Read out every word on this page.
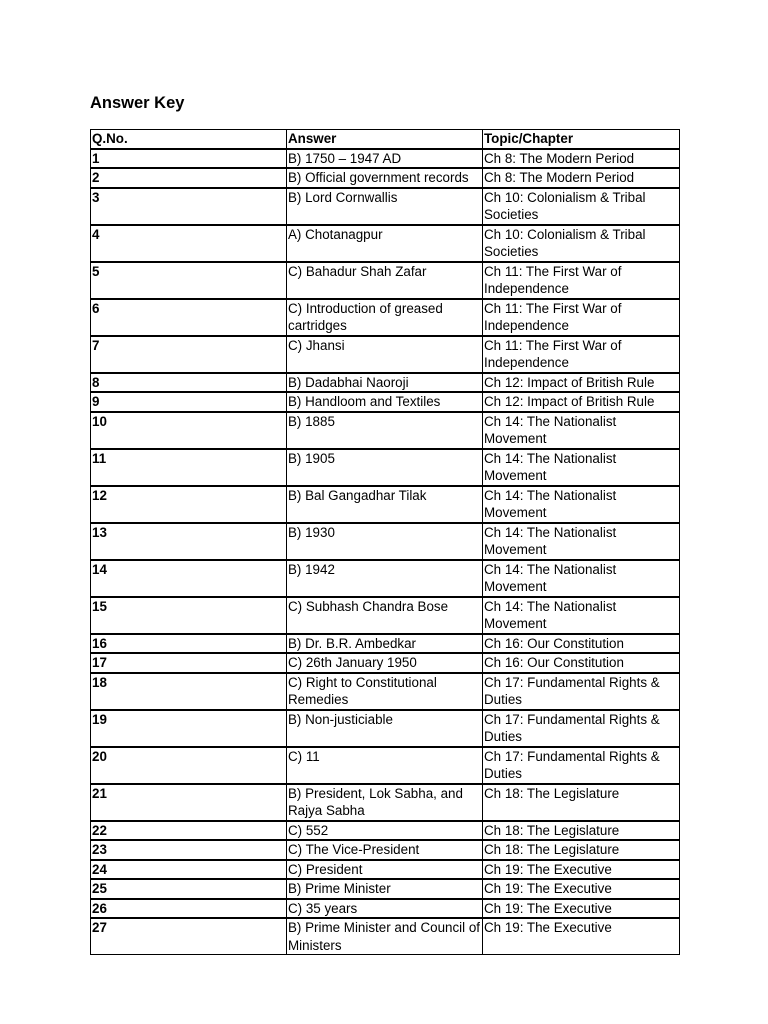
Answer Key
Q.No.	Answer	Topic/Chapter
1	B) 1750 – 1947 AD	Ch 8: The Modern Period
2	B) Official government records	Ch 8: The Modern Period
3	B) Lord Cornwallis	Ch 10: Colonialism & Tribal Societies
4	A) Chotanagpur	Ch 10: Colonialism & Tribal Societies
5	C) Bahadur Shah Zafar	Ch 11: The First War of Independence
6	C) Introduction of greased cartridges	Ch 11: The First War of Independence
7	C) Jhansi	Ch 11: The First War of Independence
8	B) Dadabhai Naoroji	Ch 12: Impact of British Rule
9	B) Handloom and Textiles	Ch 12: Impact of British Rule
10	B) 1885	Ch 14: The Nationalist Movement
11	B) 1905	Ch 14: The Nationalist Movement
12	B) Bal Gangadhar Tilak	Ch 14: The Nationalist Movement
13	B) 1930	Ch 14: The Nationalist Movement
14	B) 1942	Ch 14: The Nationalist Movement
15	C) Subhash Chandra Bose	Ch 14: The Nationalist Movement
16	B) Dr. B.R. Ambedkar	Ch 16: Our Constitution
17	C) 26th January 1950	Ch 16: Our Constitution
18	C) Right to Constitutional Remedies	Ch 17: Fundamental Rights & Duties
19	B) Non-justiciable	Ch 17: Fundamental Rights & Duties
20	C) 11	Ch 17: Fundamental Rights & Duties
21	B) President, Lok Sabha, and Rajya Sabha	Ch 18: The Legislature
22	C) 552	Ch 18: The Legislature
23	C) The Vice-President	Ch 18: The Legislature
24	C) President	Ch 19: The Executive
25	B) Prime Minister	Ch 19: The Executive
26	C) 35 years	Ch 19: The Executive
27	B) Prime Minister and Council of Ministers	Ch 19: The Executive
